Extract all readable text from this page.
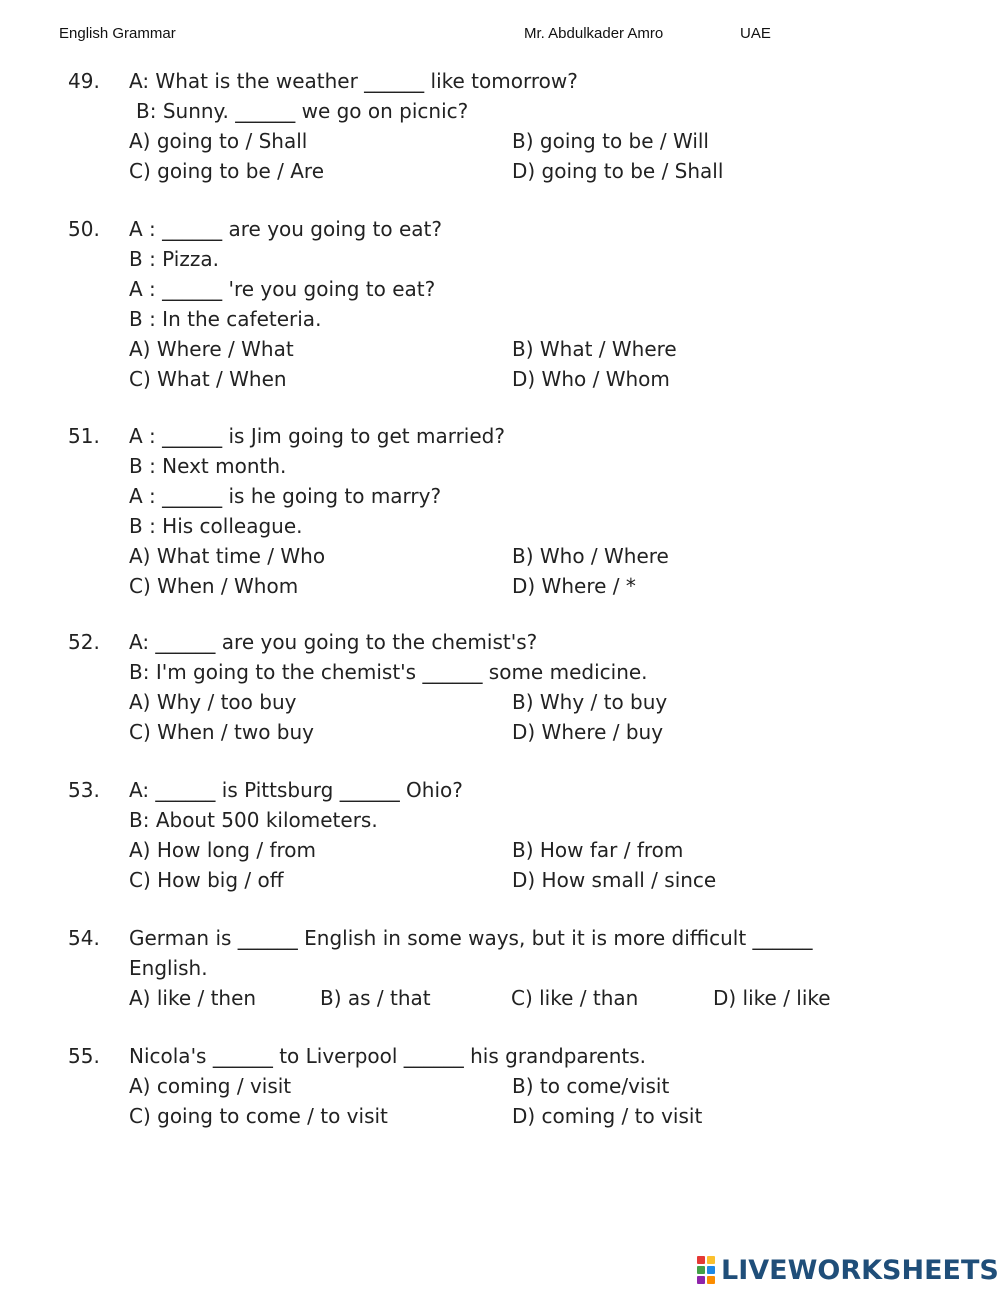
English Grammar	Mr. Abdulkader Amro	UAE
49. A: What is the weather ______ like tomorrow?
B: Sunny. ______ we go on picnic?
A) going to / Shall	B) going to be / Will
C) going to be / Are	D) going to be / Shall
50. A : ______ are you going to eat?
B : Pizza.
A : ______ 're you going to eat?
B : In the cafeteria.
A) Where / What	B) What / Where
C) What / When	D) Who / Whom
51. A : ______ is Jim going to get married?
B : Next month.
A : ______ is he going to marry?
B : His colleague.
A) What time / Who	B) Who / Where
C) When / Whom	D) Where / *
52. A: ______ are you going to the chemist's?
B: I'm going to the chemist's ______ some medicine.
A) Why / too buy	B) Why / to buy
C) When / two buy	D) Where / buy
53. A: ______ is Pittsburg ______ Ohio?
B: About 500 kilometers.
A) How long / from	B) How far / from
C) How big / off	D) How small / since
54. German is ______ English in some ways, but it is more difficult ______
English.
A) like / then	B) as / that	C) like / than	D) like / like
55. Nicola's ______ to Liverpool ______ his grandparents.
A) coming / visit	B) to come/visit
C) going to come / to visit	D) coming / to visit
LIVEWORKSHEETS
